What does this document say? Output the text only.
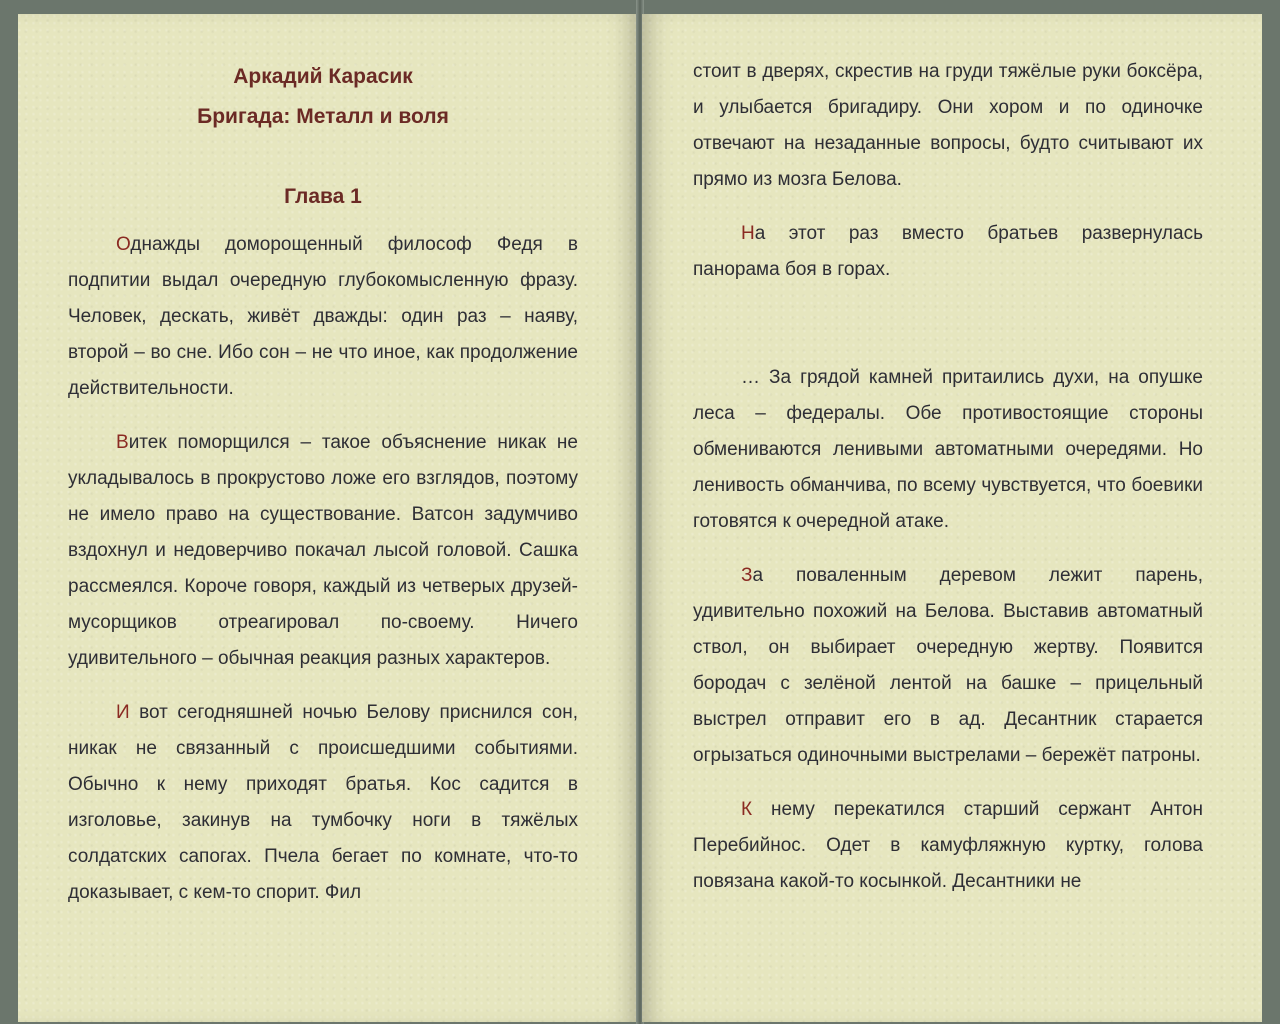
Аркадий Карасик
Бригада: Металл и воля
Глава 1

Однажды доморощенный философ Федя в подпитии выдал очередную глубокомысленную фразу. Человек, дескать, живёт дважды: один раз – наяву, второй – во сне. Ибо сон – не что иное, как продолжение действительности.

Витек поморщился – такое объяснение никак не укладывалось в прокрустово ложе его взглядов, поэтому не имело право на существование. Ватсон задумчиво вздохнул и недоверчиво покачал лысой головой. Сашка рассмеялся. Короче говоря, каждый из четверых друзей-мусорщиков отреагировал по-своему. Ничего удивительного – обычная реакция разных характеров.

И вот сегодняшней ночью Белову приснился сон, никак не связанный с происшедшими событиями. Обычно к нему приходят братья. Кос садится в изголовье, закинув на тумбочку ноги в тяжёлых солдатских сапогах. Пчела бегает по комнате, что-то доказывает, с кем-то спорит. Фил

стоит в дверях, скрестив на груди тяжёлые руки боксёра, и улыбается бригадиру. Они хором и по одиночке отвечают на незаданные вопросы, будто считывают их прямо из мозга Белова.

На этот раз вместо братьев развернулась панорама боя в горах.

… За грядой камней притаились духи, на опушке леса – федералы. Обе противостоящие стороны обмениваются ленивыми автоматными очередями. Но ленивость обманчива, по всему чувствуется, что боевики готовятся к очередной атаке.

За поваленным деревом лежит парень, удивительно похожий на Белова. Выставив автоматный ствол, он выбирает очередную жертву. Появится бородач с зелёной лентой на башке – прицельный выстрел отправит его в ад. Десантник старается огрызаться одиночными выстрелами – бережёт патроны.

К нему перекатился старший сержант Антон Перебийнос. Одет в камуфляжную куртку, голова повязана какой-то косынкой. Десантники не
